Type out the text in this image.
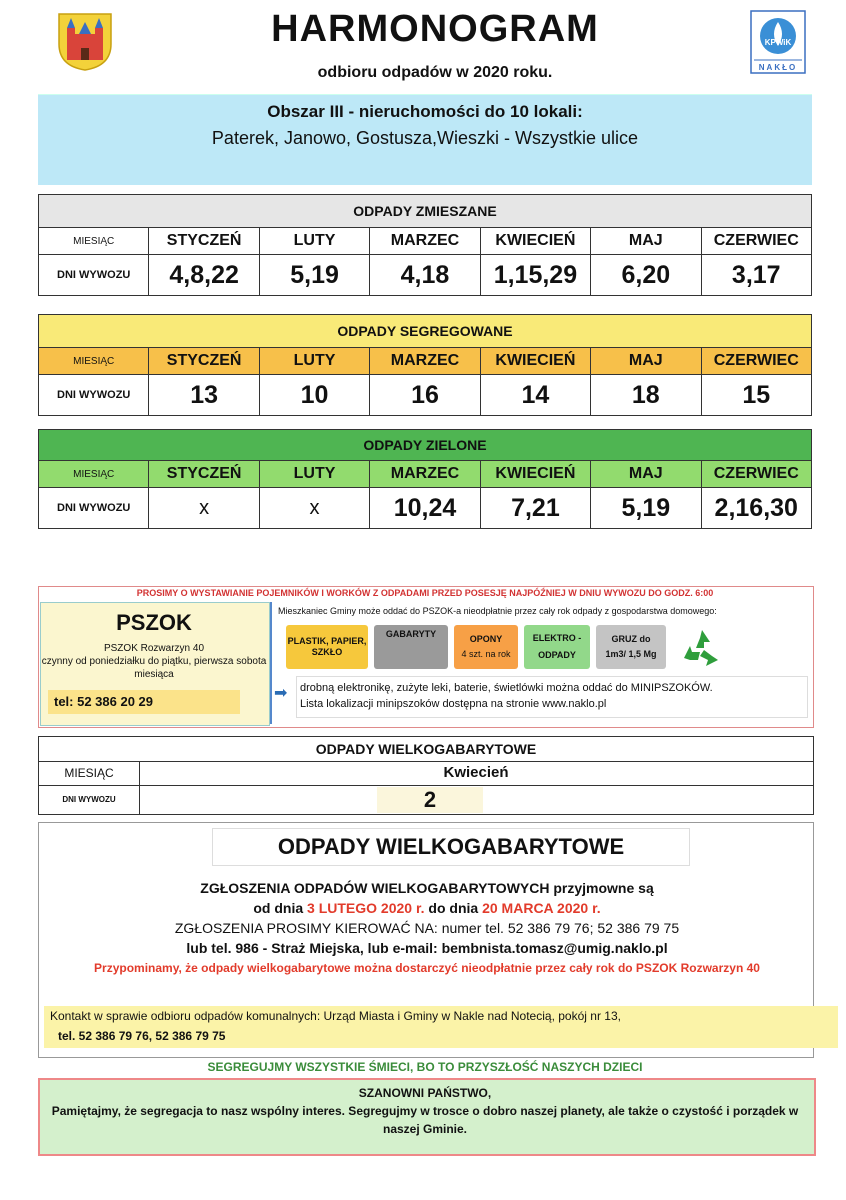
HARMONOGRAM
odbioru odpadów w 2020 roku.
KPWiK
NAKŁO
Obszar III - nieruchomości do 10 lokali:
Paterek, Janowo, Gostusza,Wieszki - Wszystkie ulice
ODPADY ZMIESZANE						
MIESIĄC	STYCZEŃ	LUTY	MARZEC	KWIECIEŃ	MAJ	CZERWIEC
DNI WYWOZU	4,8,22	5,19	4,18	1,15,29	6,20	3,17
ODPADY SEGREGOWANE						
MIESIĄC	STYCZEŃ	LUTY	MARZEC	KWIECIEŃ	MAJ	CZERWIEC
DNI WYWOZU	13	10	16	14	18	15
ODPADY ZIELONE						
MIESIĄC	STYCZEŃ	LUTY	MARZEC	KWIECIEŃ	MAJ	CZERWIEC
DNI WYWOZU	x	x	10,24	7,21	5,19	2,16,30
PROSIMY O WYSTAWIANIE POJEMNIKÓW I WORKÓW Z ODPADAMI PRZED POSESJĘ NAJPÓŹNIEJ W DNIU WYWOZU DO GODZ. 6:00
PSZOK
PSZOK Rozwarzyn 40
czynny od poniedziałku do piątku, pierwsza sobota miesiąca
tel: 52 386 20 29
Mieszkaniec Gminy może oddać do PSZOK-a nieodpłatnie przez cały rok odpady z gospodarstwa domowego:
PLASTIK, PAPIER, SZKŁO
GABARYTY	OPONY
4 szt. na rok
ELEKTRO -
ODPADY
GRUZ do
1m3/ 1,5 Mg
➡ drobną elektronikę, zużyte leki, baterie, świetlówki można oddać do MINIPSZOKÓW.
Lista lokalizacji minipszoków dostępna na stronie www.naklo.pl
ODPADY WIELKOGABARYTOWE
MIESIĄC	Kwiecień
DNI WYWOZU	2
ODPADY WIELKOGABARYTOWE
ZGŁOSZENIA ODPADÓW WIELKOGABARYTOWYCH przyjmowne są
od dnia 3 LUTEGO 2020 r. do dnia 20 MARCA 2020 r.
ZGŁOSZENIA PROSIMY KIEROWAĆ NA: numer tel. 52 386 79 76; 52 386 79 75
lub tel. 986 - Straż Miejska, lub e-mail: bembnista.tomasz@umig.naklo.pl
Przypominamy, że odpady wielkogabarytowe można dostarczyć nieodpłatnie przez cały rok do PSZOK Rozwarzyn 40
Kontakt w sprawie odbioru odpadów komunalnych: Urząd Miasta i Gminy w Nakle nad Notecią, pokój nr 13,
tel. 52 386 79 76, 52 386 79 75
SEGREGUJMY WSZYSTKIE ŚMIECI, BO TO PRZYSZŁOŚĆ NASZYCH DZIECI
SZANOWNI PAŃSTWO,
Pamiętajmy, że segregacja to nasz wspólny interes. Segregujmy w trosce o dobro naszej planety, ale także o czystość i porządek w naszej Gminie.
